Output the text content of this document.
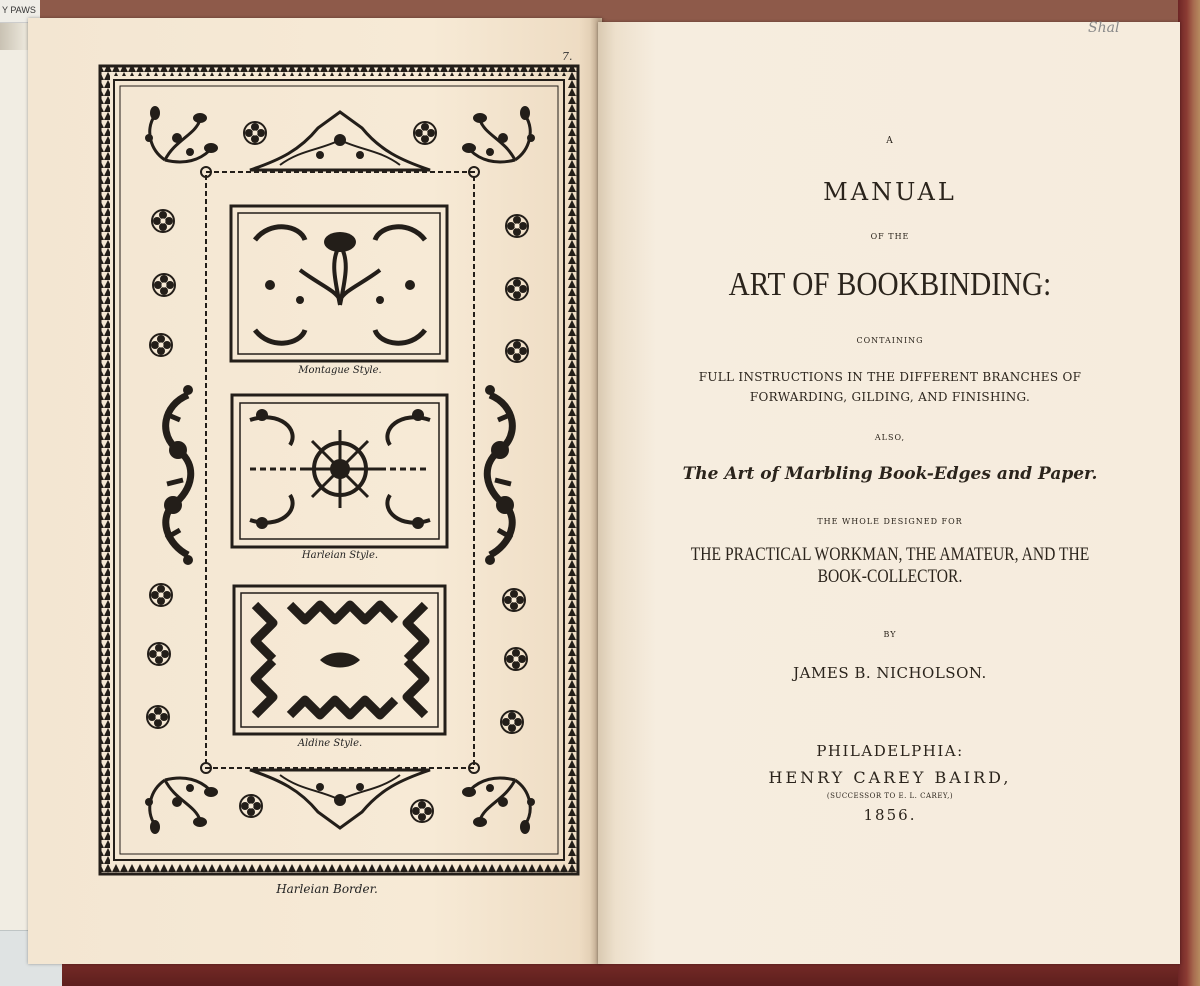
Y PAWS
7.
Montague Style.
Harleian Style.
Aldine Style.
Harleian Border.
Shal
A
MANUAL
OF THE
ART OF BOOKBINDING:
CONTAINING
FULL INSTRUCTIONS IN THE DIFFERENT BRANCHES OF
FORWARDING, GILDING, AND FINISHING.
ALSO,
The Art of Marbling Book-Edges and Paper.
THE WHOLE DESIGNED FOR
THE PRACTICAL WORKMAN, THE AMATEUR, AND THE
BOOK-COLLECTOR.
BY
JAMES B. NICHOLSON.
PHILADELPHIA:
HENRY CAREY BAIRD,
(SUCCESSOR TO E. L. CAREY,)
1856.
